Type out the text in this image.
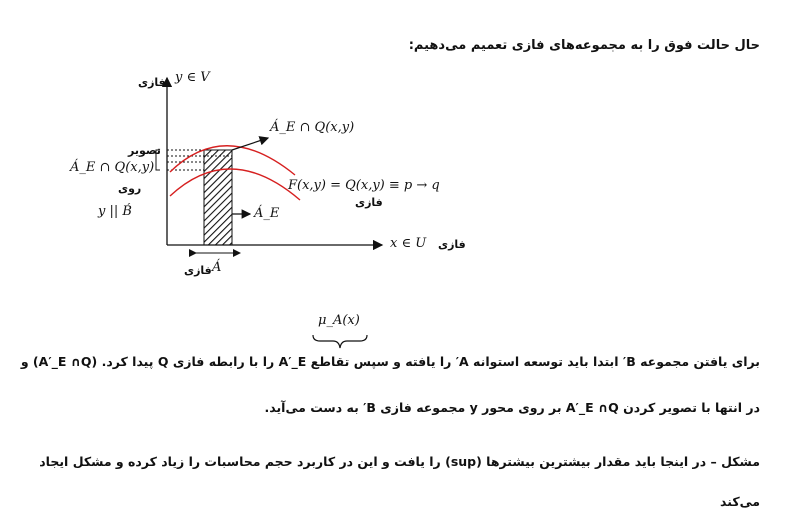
حال حالت فوق را به مجموعه‌های فازی تعمیم می‌دهیم:
فازی y ∈ V
Á_E ∩ Q(x,y)
تصویر
Á_E ∩ Q(x,y)
روی
y || B́
F(x,y) = Q(x,y) ≡ p → q
فازی
Á_E
x ∈ U فازی
فازی Á
μ_A(x)
برای یافتن مجموعه B′ ابتدا باید توسعه استوانه A′ را یافته و سپس تقاطع A′_E را با رابطه فازی Q پیدا کرد. (A′_E ∩Q) و
در انتها با تصویر کردن A′_E ∩Q بر روی محور y مجموعه فازی B′ به دست می‌آید.
مشکل – در اینجا باید مقدار بیشترین بیشترها (sup) را یافت و این در کاربرد حجم محاسبات را زیاد کرده و مشکل ایجاد
می‌کند
